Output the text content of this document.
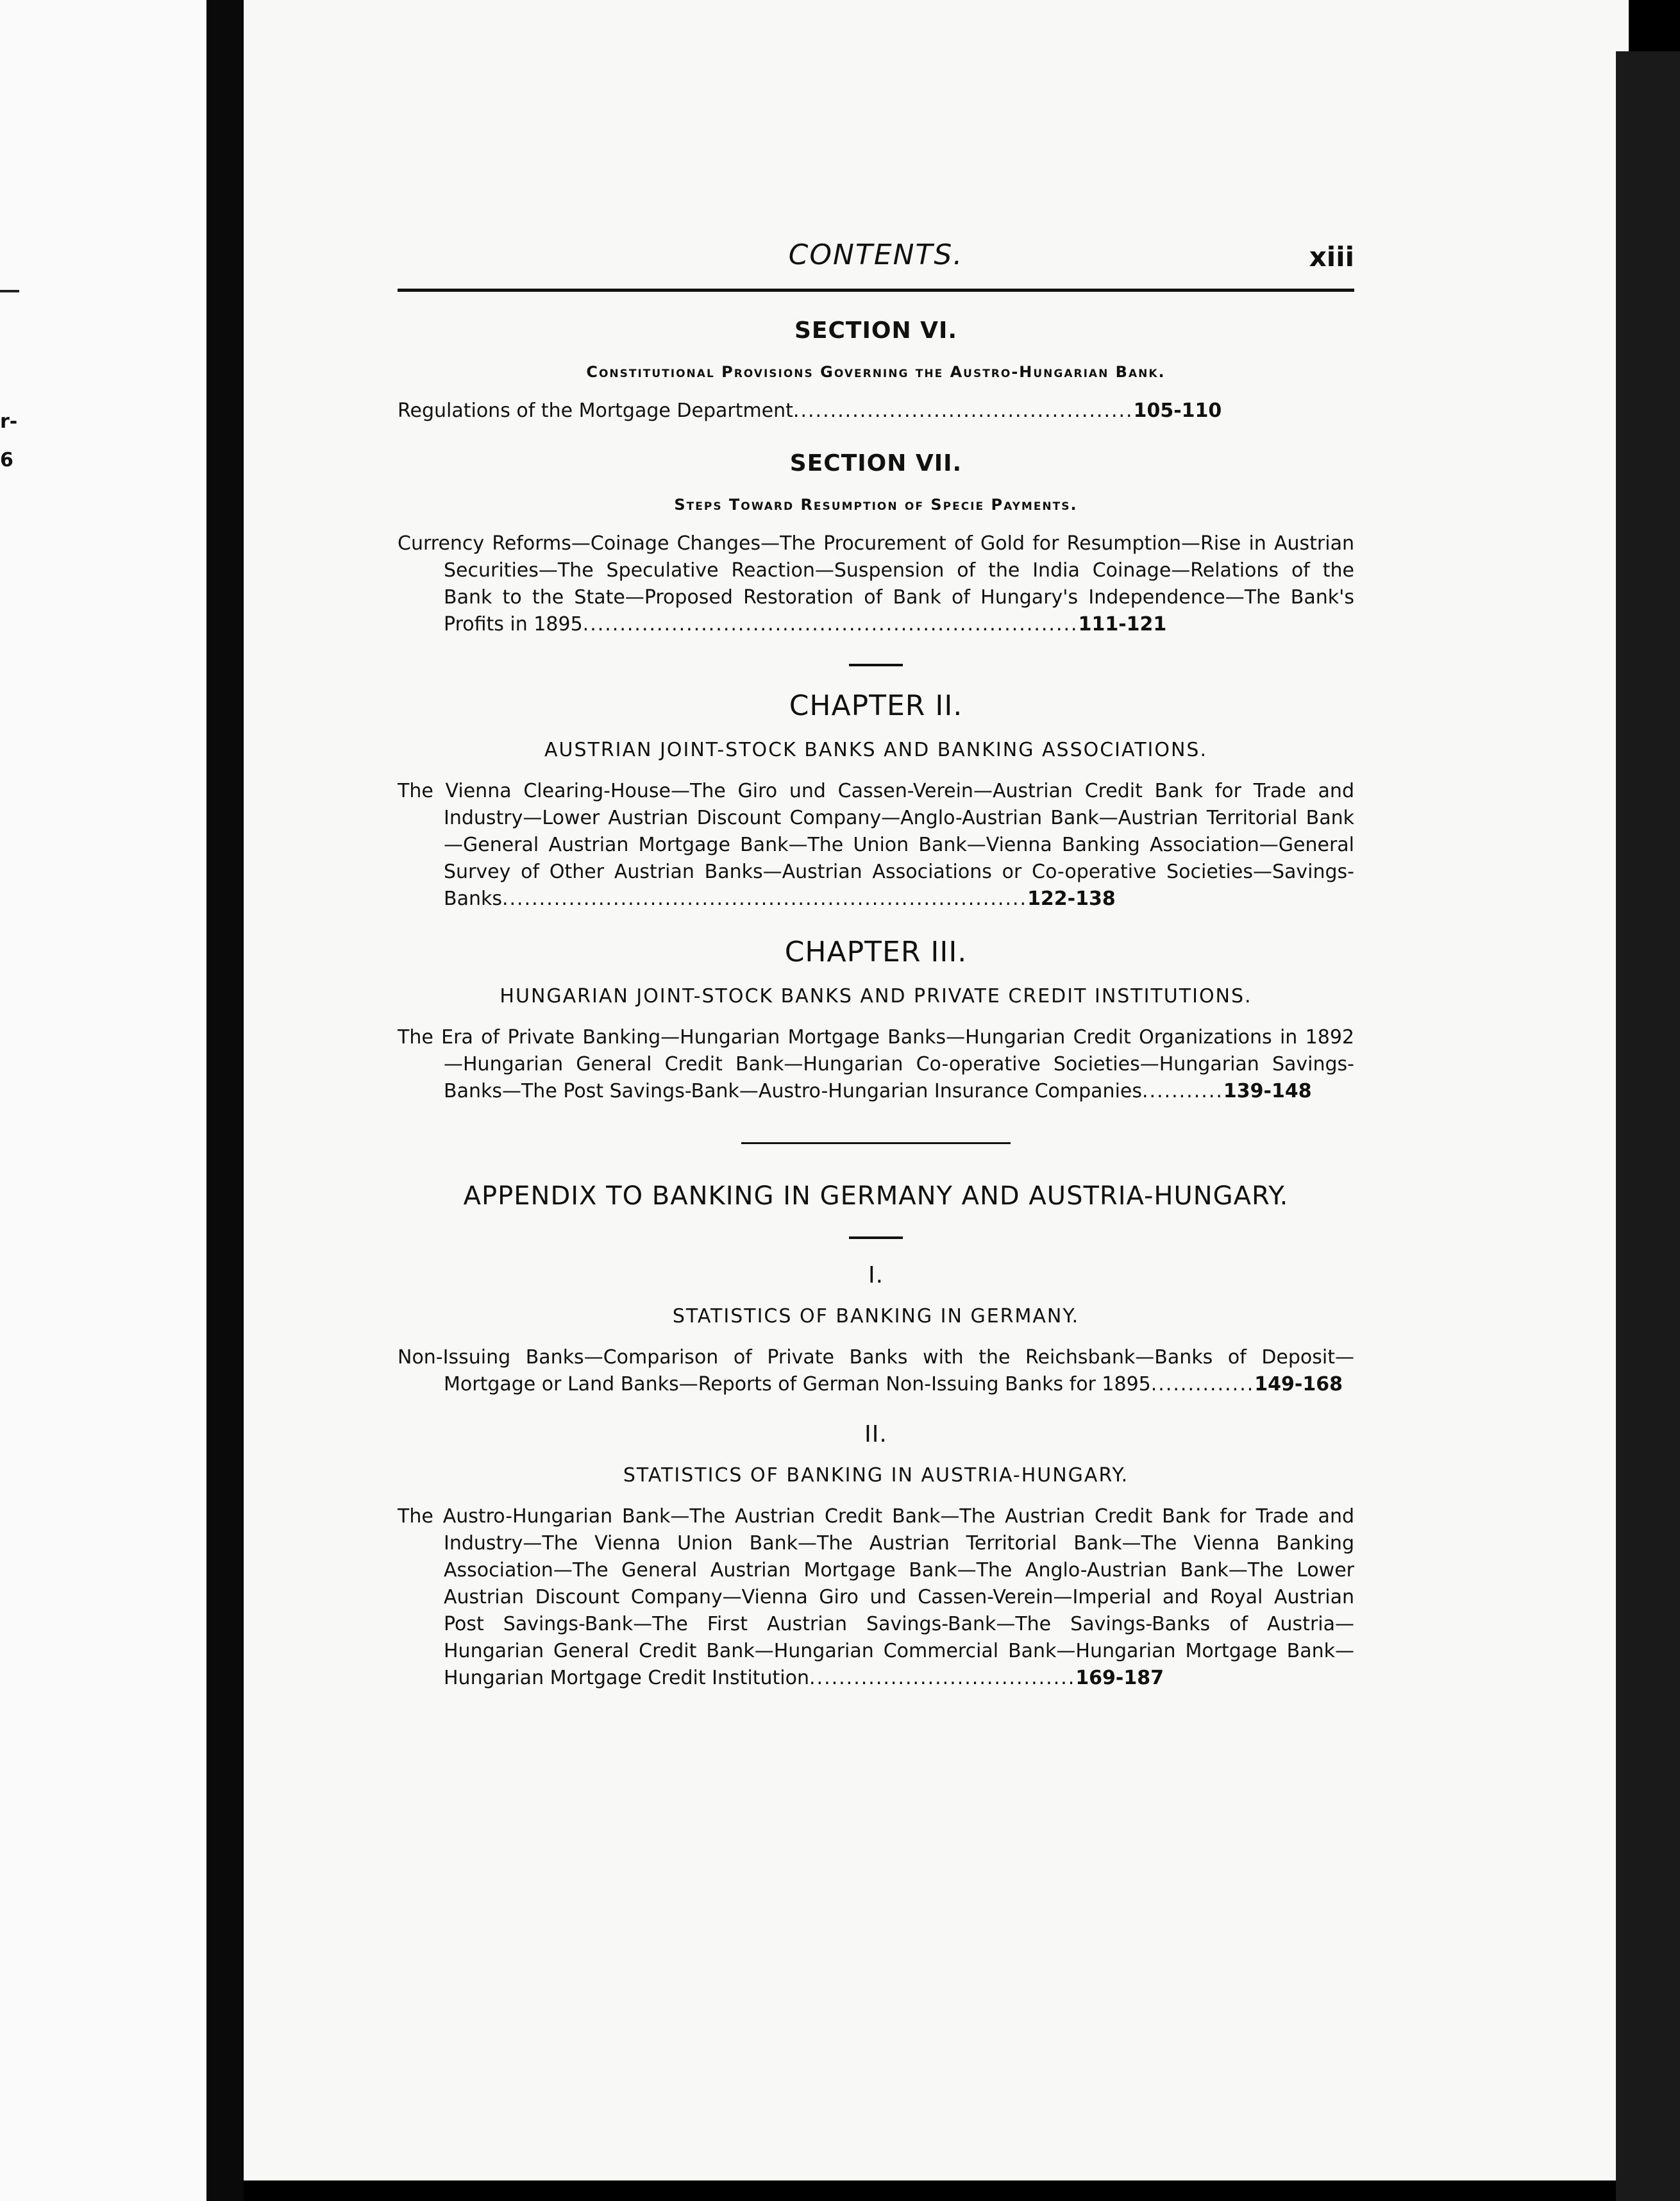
r-
6
CONTENTS.	xiii
SECTION VI.
Constitutional Provisions Governing the Austro-Hungarian Bank.

Regulations of the Mortgage Department..............................................105-110

SECTION VII.
Steps Toward Resumption of Specie Payments.

Currency Reforms—Coinage Changes—The Procurement of Gold for Resumption—Rise in Austrian Securities—The Speculative Reaction—Suspension of the India Coinage—Relations of the Bank to the State—Proposed Restoration of Bank of Hungary's Independence—The Bank's Profits in 1895...................................................................111-121

CHAPTER II.
AUSTRIAN JOINT-STOCK BANKS AND BANKING ASSOCIATIONS.

The Vienna Clearing-House—The Giro und Cassen-Verein—Austrian Credit Bank for Trade and Industry—Lower Austrian Discount Company—Anglo-Austrian Bank—Austrian Territorial Bank—General Austrian Mortgage Bank—The Union Bank—Vienna Banking Association—General Survey of Other Austrian Banks—Austrian Associations or Co-operative Societies—Savings-Banks.......................................................................122-138

CHAPTER III.
HUNGARIAN JOINT-STOCK BANKS AND PRIVATE CREDIT INSTITUTIONS.

The Era of Private Banking—Hungarian Mortgage Banks—Hungarian Credit Organizations in 1892—Hungarian General Credit Bank—Hungarian Co-operative Societies—Hungarian Savings-Banks—The Post Savings-Bank—Austro-Hungarian Insurance Companies...........139-148

APPENDIX TO BANKING IN GERMANY AND AUSTRIA-HUNGARY.
I.
STATISTICS OF BANKING IN GERMANY.

Non-Issuing Banks—Comparison of Private Banks with the Reichsbank—Banks of Deposit—Mortgage or Land Banks—Reports of German Non-Issuing Banks for 1895..............149-168

II.
STATISTICS OF BANKING IN AUSTRIA-HUNGARY.

The Austro-Hungarian Bank—The Austrian Credit Bank—The Austrian Credit Bank for Trade and Industry—The Vienna Union Bank—The Austrian Territorial Bank—The Vienna Banking Association—The General Austrian Mortgage Bank—The Anglo-Austrian Bank—The Lower Austrian Discount Company—Vienna Giro und Cassen-Verein—Imperial and Royal Austrian Post Savings-Bank—The First Austrian Savings-Bank—The Savings-Banks of Austria—Hungarian General Credit Bank—Hungarian Commercial Bank—Hungarian Mortgage Bank—Hungarian Mortgage Credit Institution....................................169-187
